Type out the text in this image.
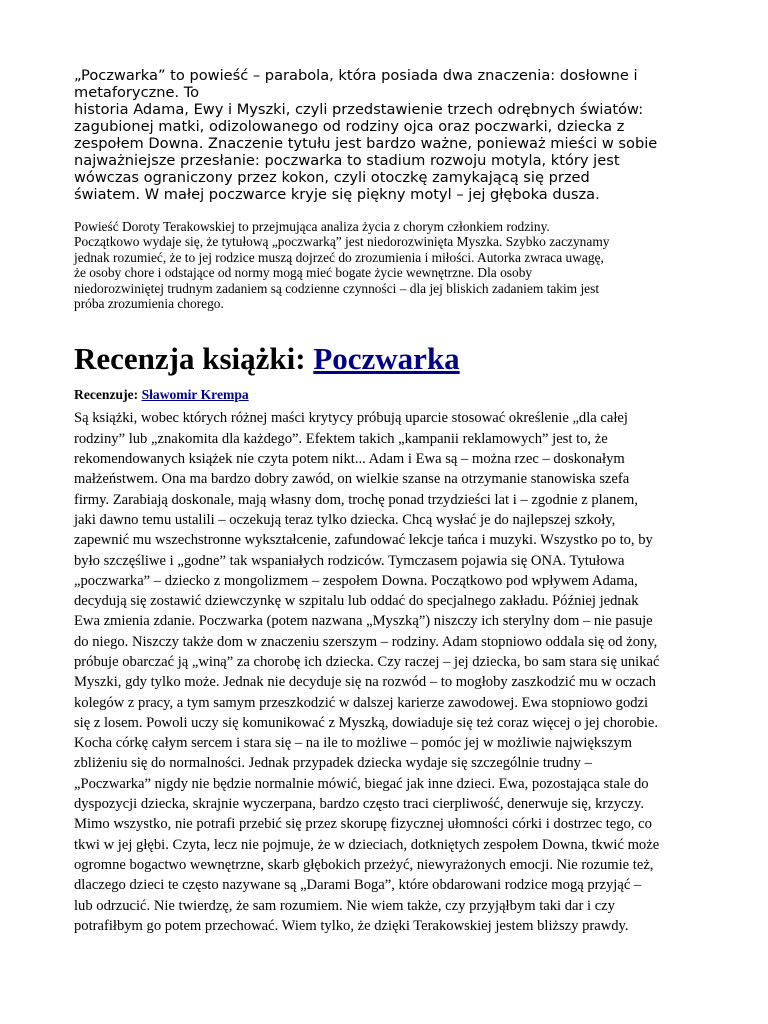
„Poczwarka” to powieść – parabola, która posiada dwa znaczenia: dosłowne i
metaforyczne. To
historia Adama, Ewy i Myszki, czyli przedstawienie trzech odrębnych światów:
zagubionej matki, odizolowanego od rodziny ojca oraz poczwarki, dziecka z
zespołem Downa. Znaczenie tytułu jest bardzo ważne, ponieważ mieści w sobie
najważniejsze przesłanie: poczwarka to stadium rozwoju motyla, który jest
wówczas ograniczony przez kokon, czyli otoczkę zamykającą się przed
światem. W małej poczwarce kryje się piękny motyl – jej głęboka dusza.

Powieść Doroty Terakowskiej to przejmująca analiza życia z chorym członkiem rodziny.
Początkowo wydaje się, że tytułową „poczwarką” jest niedorozwinięta Myszka. Szybko zaczynamy
jednak rozumieć, że to jej rodzice muszą dojrzeć do zrozumienia i miłości. Autorka zwraca uwagę,
że osoby chore i odstające od normy mogą mieć bogate życie wewnętrzne. Dla osoby
niedorozwiniętej trudnym zadaniem są codzienne czynności – dla jej bliskich zadaniem takim jest
próba zrozumienia chorego.

Recenzja książki: Poczwarka

Recenzuje: Sławomir Krempa

Są książki, wobec których różnej maści krytycy próbują uparcie stosować określenie „dla całej
rodziny” lub „znakomita dla każdego”. Efektem takich „kampanii reklamowych” jest to, że
rekomendowanych książek nie czyta potem nikt... Adam i Ewa są – można rzec – doskonałym
małżeństwem. Ona ma bardzo dobry zawód, on wielkie szanse na otrzymanie stanowiska szefa
firmy. Zarabiają doskonale, mają własny dom, trochę ponad trzydzieści lat i – zgodnie z planem,
jaki dawno temu ustalili – oczekują teraz tylko dziecka. Chcą wysłać je do najlepszej szkoły,
zapewnić mu wszechstronne wykształcenie, zafundować lekcje tańca i muzyki. Wszystko po to, by
było szczęśliwe i „godne” tak wspaniałych rodziców. Tymczasem pojawia się ONA. Tytułowa
„poczwarka” – dziecko z mongolizmem – zespołem Downa. Początkowo pod wpływem Adama,
decydują się zostawić dziewczynkę w szpitalu lub oddać do specjalnego zakładu. Później jednak
Ewa zmienia zdanie. Poczwarka (potem nazwana „Myszką”) niszczy ich sterylny dom – nie pasuje
do niego. Niszczy także dom w znaczeniu szerszym – rodziny. Adam stopniowo oddala się od żony,
próbuje obarczać ją „winą” za chorobę ich dziecka. Czy raczej – jej dziecka, bo sam stara się unikać
Myszki, gdy tylko może. Jednak nie decyduje się na rozwód – to mogłoby zaszkodzić mu w oczach
kolegów z pracy, a tym samym przeszkodzić w dalszej karierze zawodowej. Ewa stopniowo godzi
się z losem. Powoli uczy się komunikować z Myszką, dowiaduje się też coraz więcej o jej chorobie.
Kocha córkę całym sercem i stara się – na ile to możliwe – pomóc jej w możliwie największym
zbliżeniu się do normalności. Jednak przypadek dziecka wydaje się szczególnie trudny –
„Poczwarka” nigdy nie będzie normalnie mówić, biegać jak inne dzieci. Ewa, pozostająca stale do
dyspozycji dziecka, skrajnie wyczerpana, bardzo często traci cierpliwość, denerwuje się, krzyczy.
Mimo wszystko, nie potrafi przebić się przez skorupę fizycznej ułomności córki i dostrzec tego, co
tkwi w jej głębi. Czyta, lecz nie pojmuje, że w dzieciach, dotkniętych zespołem Downa, tkwić może
ogromne bogactwo wewnętrzne, skarb głębokich przeżyć, niewyrażonych emocji. Nie rozumie też,
dlaczego dzieci te często nazywane są „Darami Boga”, które obdarowani rodzice mogą przyjąć –
lub odrzucić. Nie twierdzę, że sam rozumiem. Nie wiem także, czy przyjąłbym taki dar i czy
potrafiłbym go potem przechować. Wiem tylko, że dzięki Terakowskiej jestem bliższy prawdy.
